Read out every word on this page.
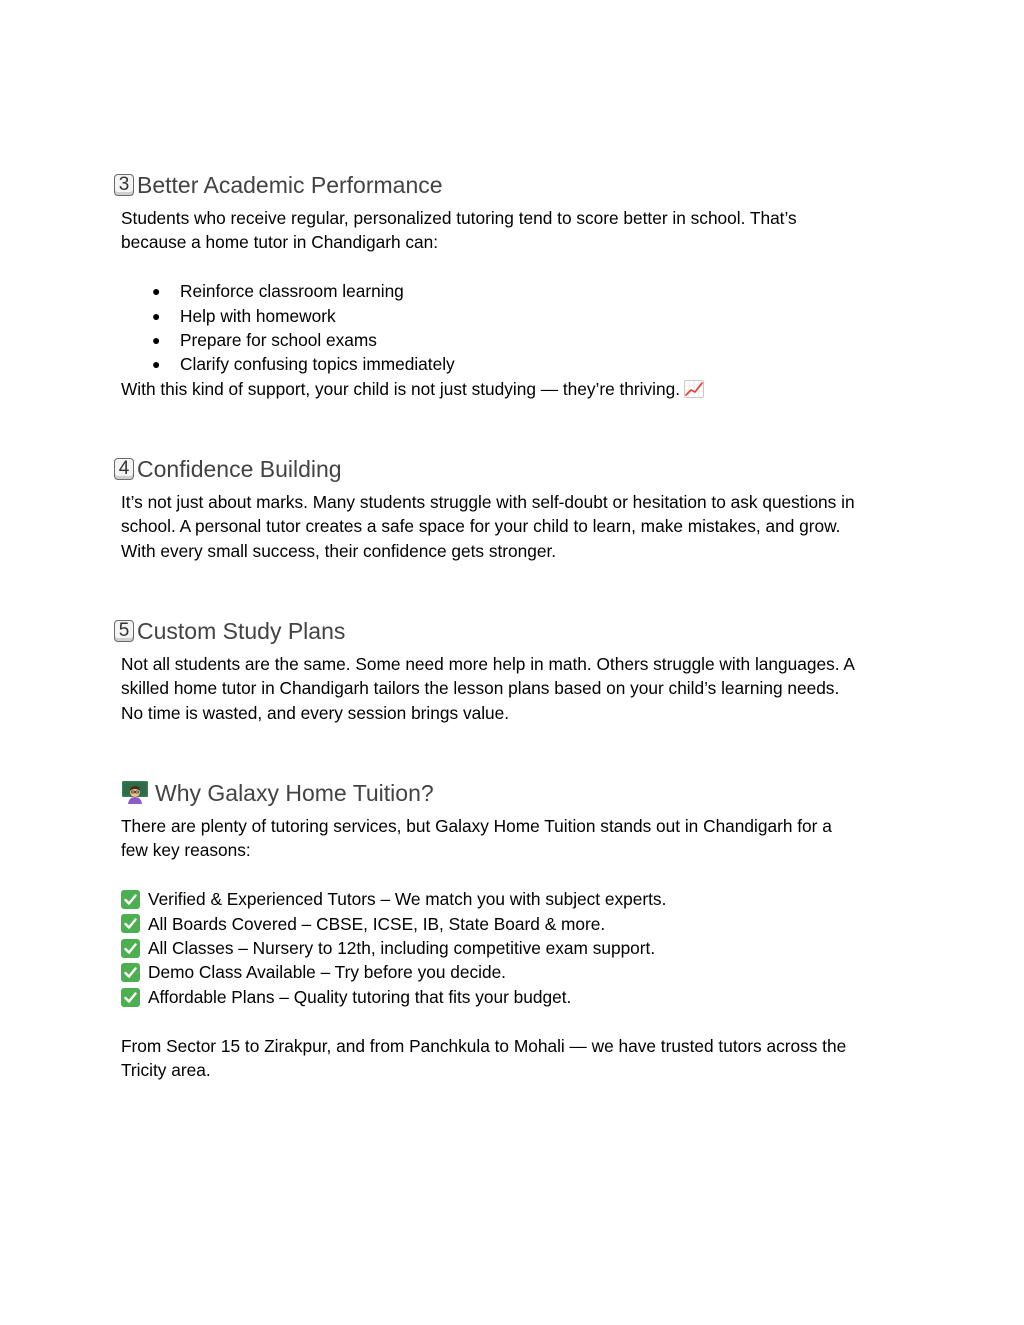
3 Better Academic Performance

Students who receive regular, personalized tutoring tend to score better in school. That’s

because a home tutor in Chandigarh can:

● Reinforce classroom learning
● Help with homework
● Prepare for school exams
● Clarify confusing topics immediately

With this kind of support, your child is not just studying — they’re thriving.

4 Confidence Building

It’s not just about marks. Many students struggle with self-doubt or hesitation to ask questions in

school. A personal tutor creates a safe space for your child to learn, make mistakes, and grow.

With every small success, their confidence gets stronger.

5 Custom Study Plans

Not all students are the same. Some need more help in math. Others struggle with languages. A

skilled home tutor in Chandigarh tailors the lesson plans based on your child’s learning needs.

No time is wasted, and every session brings value.

Why Galaxy Home Tuition?

There are plenty of tutoring services, but Galaxy Home Tuition stands out in Chandigarh for a

few key reasons:

Verified & Experienced Tutors – We match you with subject experts.
All Boards Covered – CBSE, ICSE, IB, State Board & more.
All Classes – Nursery to 12th, including competitive exam support.
Demo Class Available – Try before you decide.
Affordable Plans – Quality tutoring that fits your budget.

From Sector 15 to Zirakpur, and from Panchkula to Mohali — we have trusted tutors across the

Tricity area.
